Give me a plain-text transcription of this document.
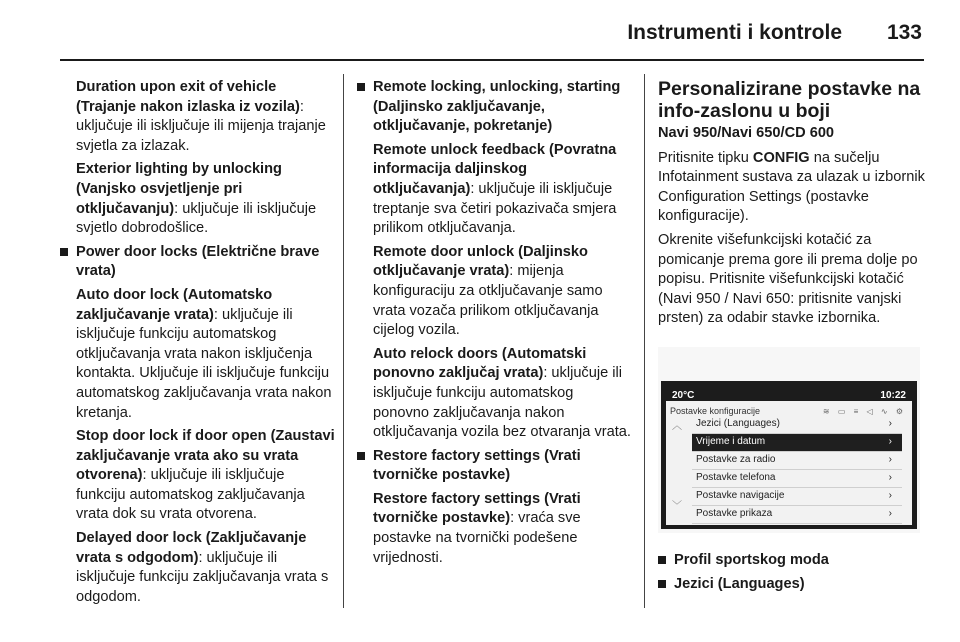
Instrumenti i kontrole 133

Duration upon exit of vehicle (Trajanje nakon izlaska iz vozila): uključuje ili isključuje ili mijenja trajanje svjetla za izlazak.

Exterior lighting by unlocking (Vanjsko osvjetljenje pri otključavanju): uključuje ili isključuje svjetlo dobrodošlice.

Power door locks (Električne brave vrata)

Auto door lock (Automatsko zaključavanje vrata): uključuje ili isključuje funkciju automatskog otključavanja vrata nakon isključenja kontakta. Uključuje ili isključuje funkciju automatskog zaključavanja vrata nakon kretanja.

Stop door lock if door open (Zaustavi zaključavanje vrata ako su vrata otvorena): uključuje ili isključuje funkciju automatskog zaključavanja vrata dok su vrata otvorena.

Delayed door lock (Zaključavanje vrata s odgodom): uključuje ili isključuje funkciju zaključavanja vrata s odgodom.

Remote locking, unlocking, starting (Daljinsko zaključavanje, otključavanje, pokretanje)

Remote unlock feedback (Povratna informacija daljinskog otključavanja): uključuje ili isključuje treptanje sva četiri pokazivača smjera prilikom otključavanja.

Remote door unlock (Daljinsko otključavanje vrata): mijenja konfiguraciju za otključavanje samo vrata vozača prilikom otključavanja cijelog vozila.

Auto relock doors (Automatski ponovno zaključaj vrata): uključuje ili isključuje funkciju automatskog ponovno zaključavanja nakon otključavanja vozila bez otvaranja vrata.

Restore factory settings (Vrati tvorničke postavke)

Restore factory settings (Vrati tvorničke postavke): vraća sve postavke na tvornički podešene vrijednosti.

Personalizirane postavke na info-zaslonu u boji
Navi 950/Navi 650/CD 600

Pritisnite tipku CONFIG na sučelju Infotainment sustava za ulazak u izbornik Configuration Settings (postavke konfiguracije).

Okrenite višefunkcijski kotačić za pomicanje prema gore ili prema dolje po popisu. Pritisnite višefunkcijski kotačić (Navi 950 / Navi 650: pritisnite vanjski prsten) za odabir stavke izbornika.

20°C	10:22
Postavke konfiguracije	≋ ▭ ≡ ◁ ∿ ⚙
︿
﹀
Jezici (Languages)	›
Vrijeme i datum	›
Postavke za radio	›
Postavke telefona	›
Postavke navigacije	›
Postavke prikaza	›
Profil sportskog moda
Jezici (Languages)
